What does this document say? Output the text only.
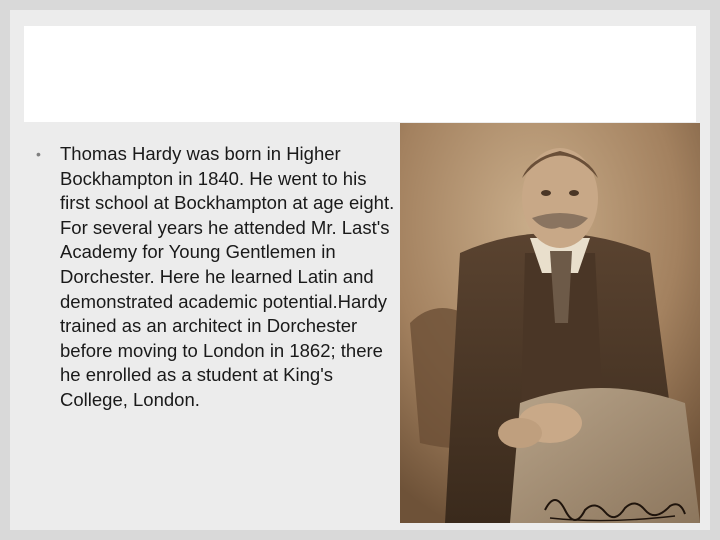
• Thomas Hardy was born in Higher Bockhampton in 1840. He went to his first school at Bockhampton at age eight. For several years he attended Mr. Last's Academy for Young Gentlemen in Dorchester. Here he learned Latin and demonstrated academic potential.Hardy trained as an architect in Dorchester before moving to London in 1862; there he enrolled as a student at King's College, London.
